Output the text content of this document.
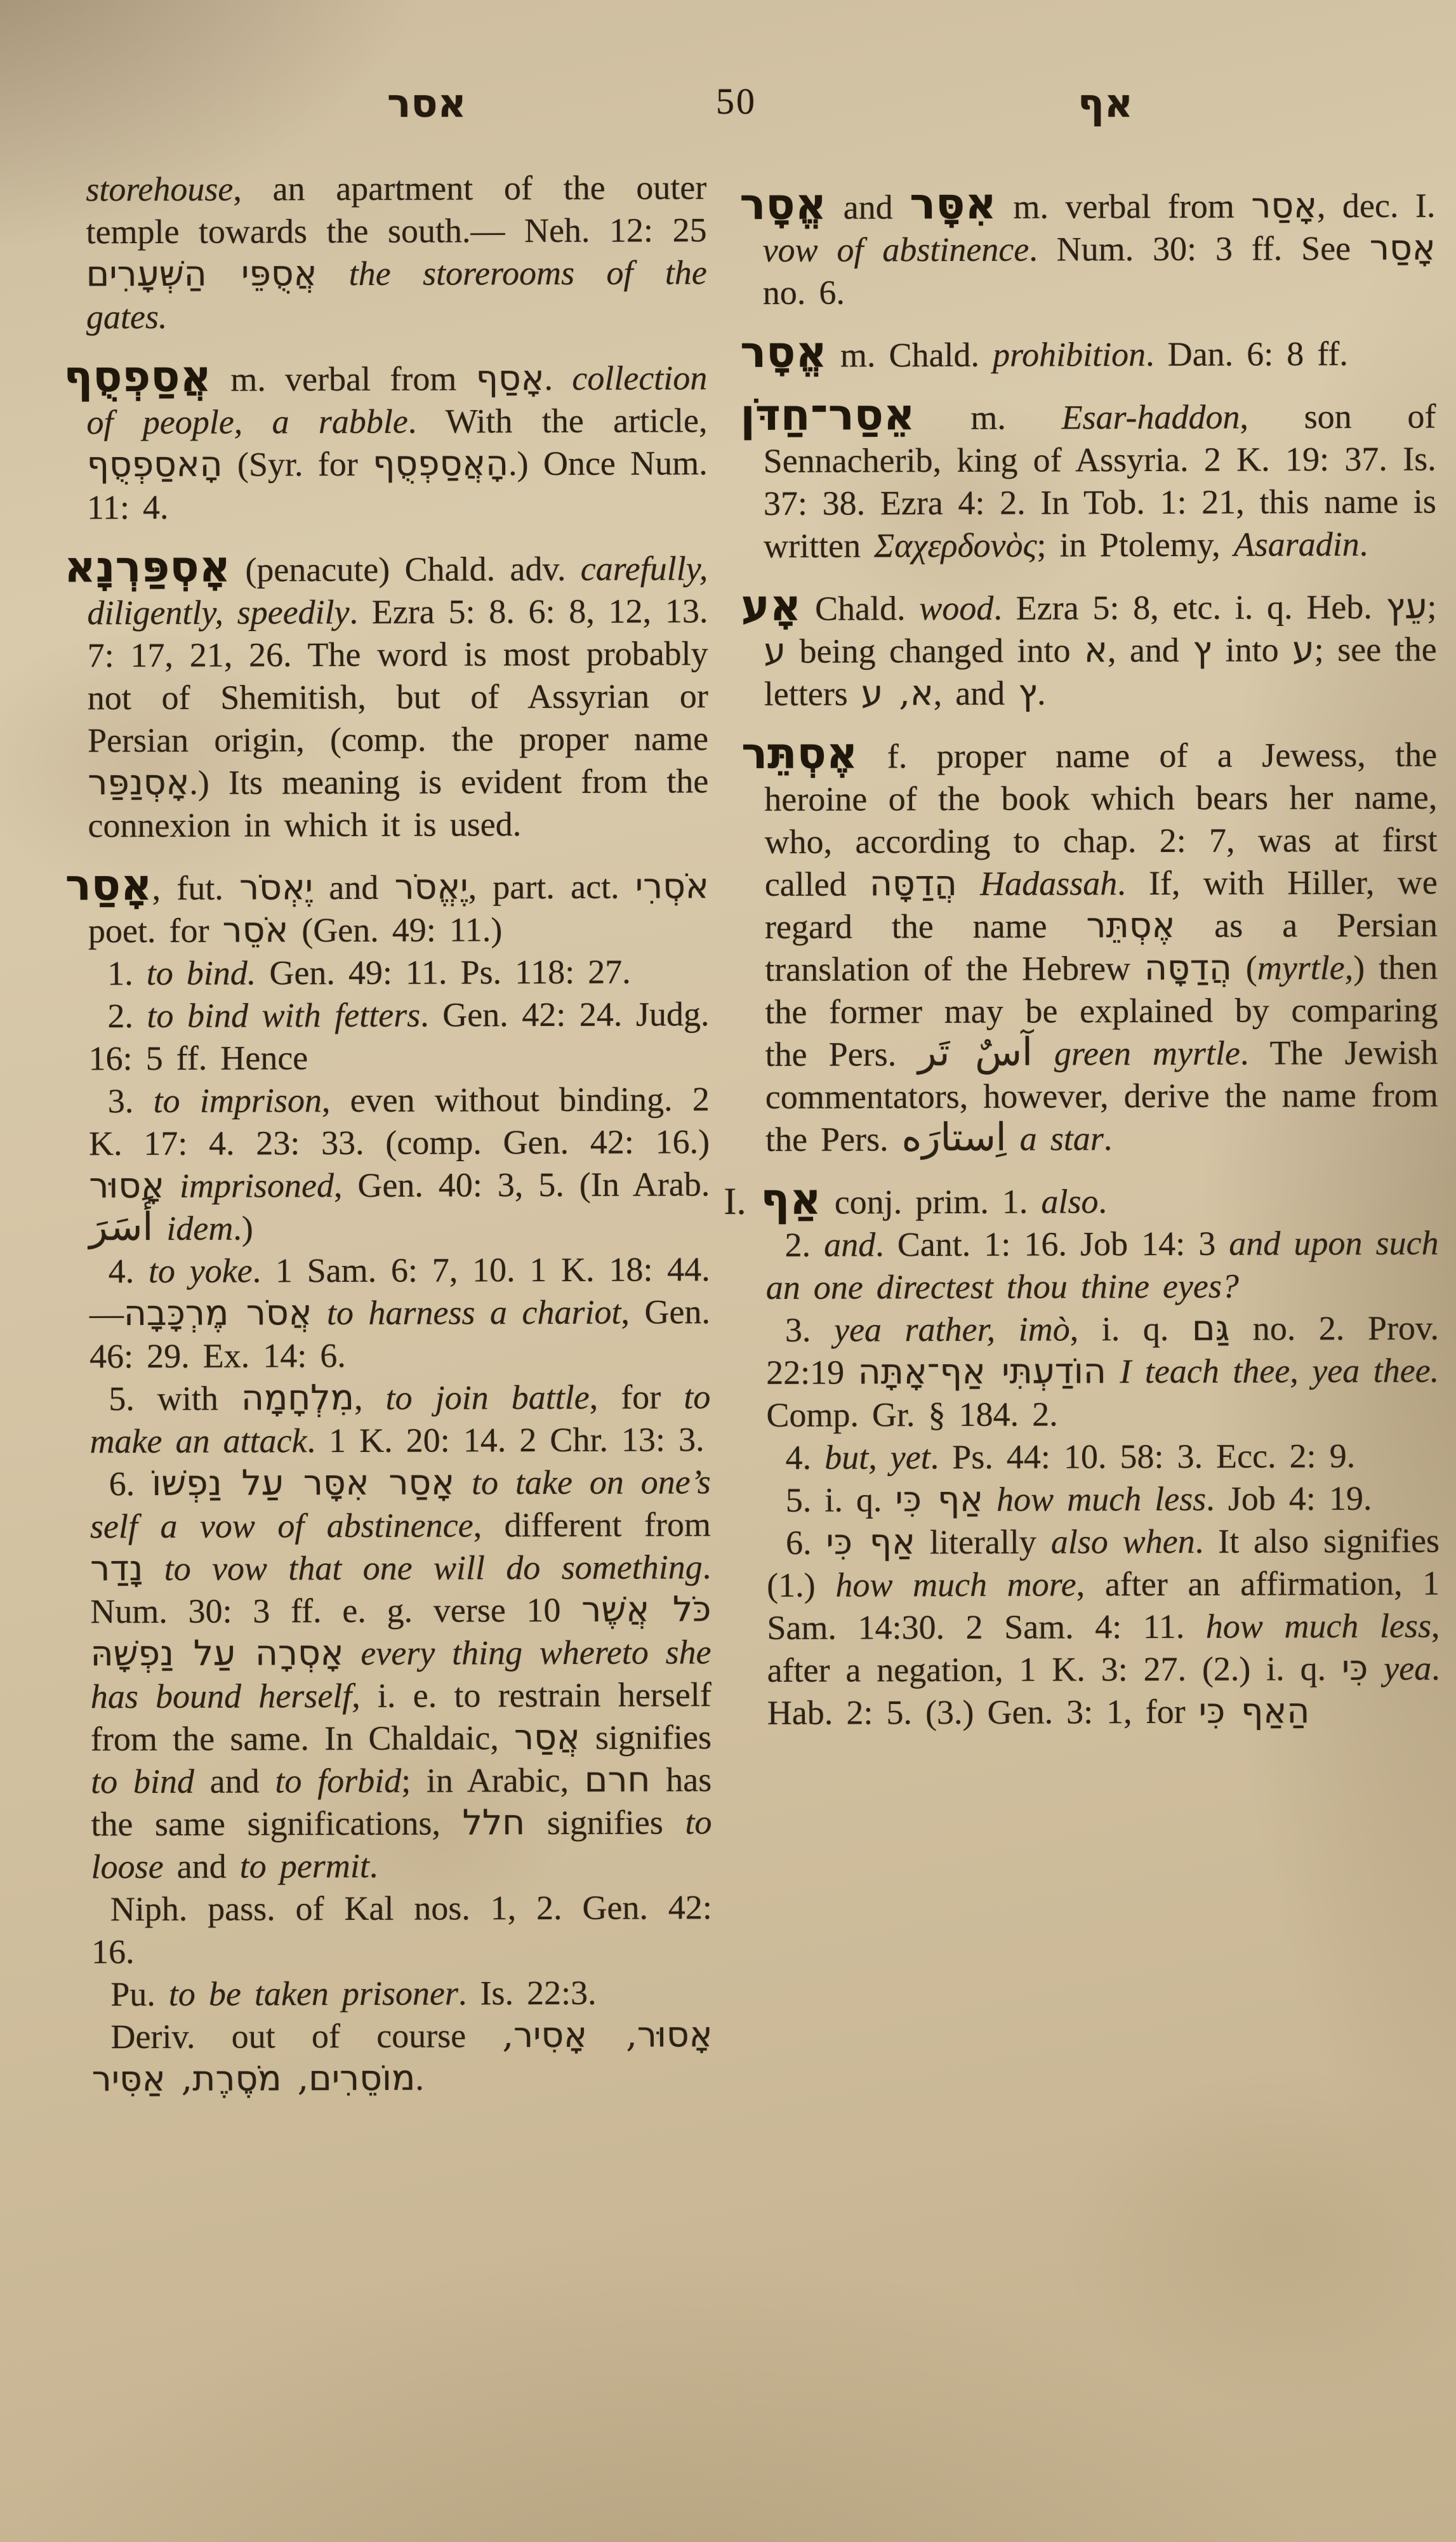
אסר	50	אף

storehouse, an apartment of the outer temple towards the south.— Neh. 12: 25 אֲסֻפֵּי הַשְּׁעָרִים the storerooms of the gates.

אֲסַפְסֻף m. verbal from אָסַף. collection of people, a rabble. With the article, הָאסַפְסֻף (Syr. for הָאֲסַפְסֻף.) Once Num. 11: 4.

אָסְפַּרְנָא (penacute) Chald. adv. carefully, diligently, speedily. Ezra 5: 8. 6: 8, 12, 13. 7: 17, 21, 26. The word is most probably not of Shemitish, but of Assyrian or Persian origin, (comp. the proper name אָסְנַפַּר.) Its meaning is evident from the connexion in which it is used.

אָסַר, fut. יֶאְסֹר and יֶאֱסֹר, part. act. אֹסְרִי poet. for אֹסֵר (Gen. 49: 11.)

1. to bind. Gen. 49: 11. Ps. 118: 27.

2. to bind with fetters. Gen. 42: 24. Judg. 16: 5 ff. Hence

3. to imprison, even without binding. 2 K. 17: 4. 23: 33. (comp. Gen. 42: 16.) אָסוּר imprisoned, Gen. 40: 3, 5. (In Arab. أَسَرَ idem.)

4. to yoke. 1 Sam. 6: 7, 10. 1 K. 18: 44.—אֲסֹר מֶרְכָּבָה to harness a chariot, Gen. 46: 29. Ex. 14: 6.

5. with מִלְחָמָה, to join battle, for to make an attack. 1 K. 20: 14. 2 Chr. 13: 3.

6. אָסַר אִסָּר עַל נַפְשׁוֹ to take on one’s self a vow of abstinence, different from נָדַר to vow that one will do something. Num. 30: 3 ff. e. g. verse 10 כֹּל אֲשֶׁר אָסְרָה עַל נַפְשָׁהּ every thing whereto she has bound herself, i. e. to restrain herself from the same. In Chaldaic, אֲסַר signifies to bind and to forbid; in Arabic, חרם has the same significations, חלל signifies to loose and to permit.

Niph. pass. of Kal nos. 1, 2. Gen. 42: 16.

Pu. to be taken prisoner. Is. 22:3.

Deriv. out of course אָסוּר, אָסִיר, מוֹסֵרִים, מֹסֶרֶת, אַסִּיר.

אֱסָר and אִסָּר m. verbal from אָסַר, dec. I. vow of abstinence. Num. 30: 3 ff. See אָסַר no. 6.

אֱסָר m. Chald. prohibition. Dan. 6: 8 ff.

אֵסַר־חַדֹּן m. Esar-haddon, son of Sennacherib, king of Assyria. 2 K. 19: 37. Is. 37: 38. Ezra 4: 2. In Tob. 1: 21, this name is written Σαχερδονὸς; in Ptolemy, Asaradin.

אָע Chald. wood. Ezra 5: 8, etc. i. q. Heb. עֵץ; ע being changed into א, and ץ into ע; see the letters א, ע, and ץ.

אֶסְתֵּר f. proper name of a Jewess, the heroine of the book which bears her name, who, according to chap. 2: 7, was at first called הֲדַסָּה Hadassah. If, with Hiller, we regard the name אֶסְתֵּר as a Persian translation of the Hebrew הֲדַסָּה (myrtle,) then the former may be explained by comparing the Pers. آسٌ تَر green myrtle. The Jewish commentators, however, derive the name from the Pers. اِستارَه a star.

I. אַף conj. prim. 1. also.

2. and. Cant. 1: 16. Job 14: 3 and upon such an one directest thou thine eyes?

3. yea rather, imò, i. q. גַּם no. 2. Prov. 22:19 הוֹדַעְתִּי אַף־אָתָּה I teach thee, yea thee. Comp. Gr. § 184. 2.

4. but, yet. Ps. 44: 10. 58: 3. Ecc. 2: 9.

5. i. q. אַף כִּי how much less. Job 4: 19.

6. אַף כִּי literally also when. It also signifies (1.) how much more, after an affirmation, 1 Sam. 14:30. 2 Sam. 4: 11. how much less, after a negation, 1 K. 3: 27. (2.) i. q. כִּי yea. Hab. 2: 5. (3.) Gen. 3: 1, for הַאַף כִּי
